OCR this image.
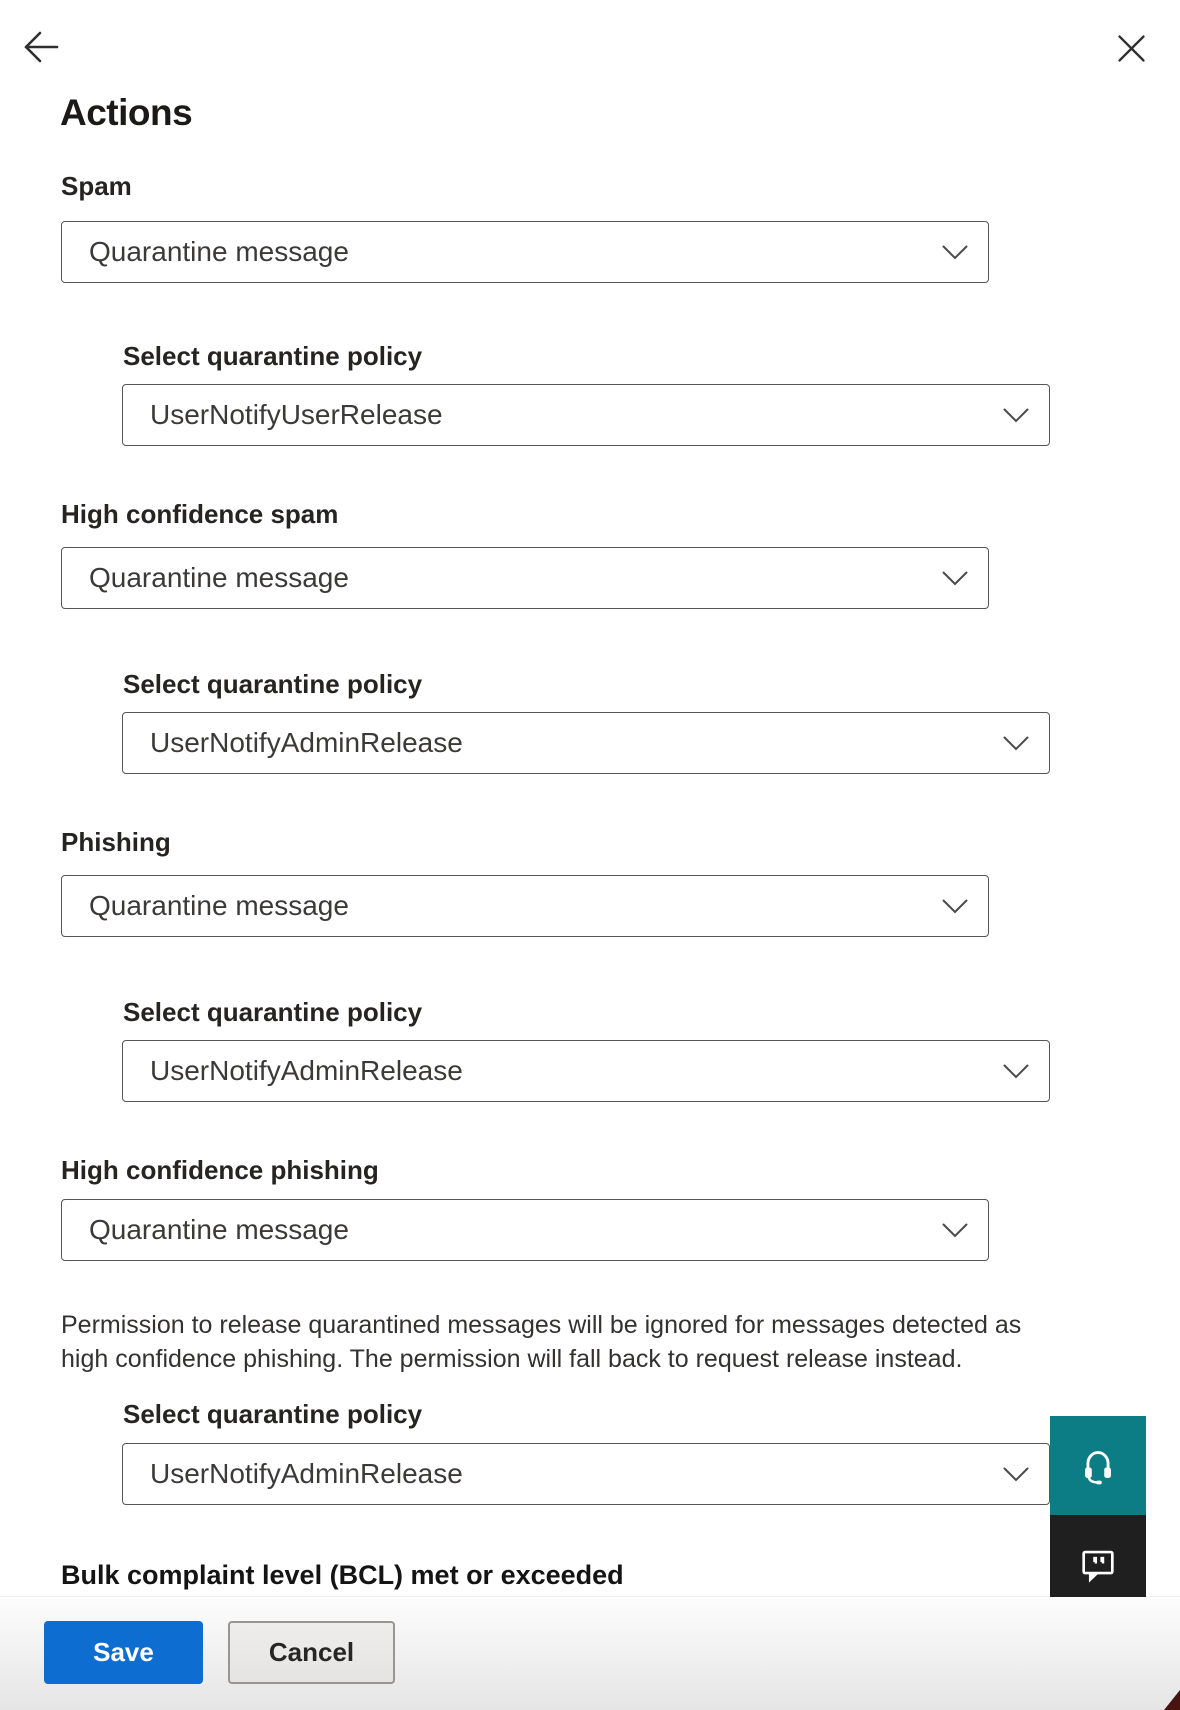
Actions
Spam
Quarantine message
Select quarantine policy
UserNotifyUserRelease
High confidence spam
Quarantine message
Select quarantine policy
UserNotifyAdminRelease
Phishing
Quarantine message
Select quarantine policy
UserNotifyAdminRelease
High confidence phishing
Quarantine message
Permission to release quarantined messages will be ignored for messages detected as
high confidence phishing. The permission will fall back to request release instead.
Select quarantine policy
UserNotifyAdminRelease
Bulk complaint level (BCL) met or exceeded
Save	Cancel
